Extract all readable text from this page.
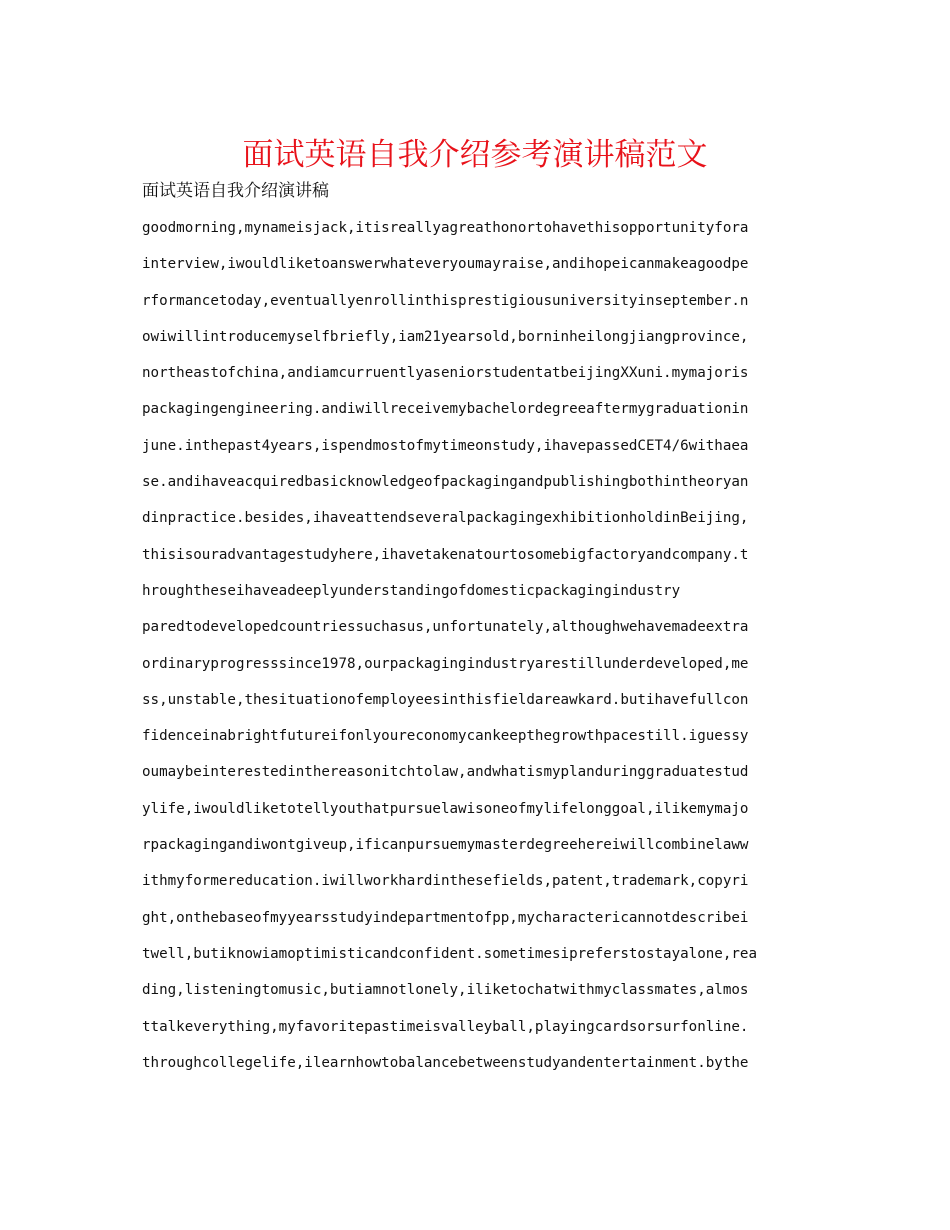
面试英语自我介绍参考演讲稿范文
面试英语自我介绍演讲稿
goodmorning,mynameisjack,itisreallyagreathonortohavethisopportunityfora
interview,iwouldliketoanswerwhateveryoumayraise,andihopeicanmakeagoodpe
rformancetoday,eventuallyenrollinthisprestigiousuniversityinseptember.n
owiwillintroducemyselfbriefly,iam21yearsold,borninheilongjiangprovince,
northeastofchina,andiamcurruentlyaseniorstudentatbeijingXXuni.mymajoris
packagingengineering.andiwillreceivemybachelordegreeaftermygraduationin
june.inthepast4years,ispendmostofmytimeonstudy,ihavepassedCET4/6withaea
se.andihaveacquiredbasicknowledgeofpackagingandpublishingbothintheoryan
dinpractice.besides,ihaveattendseveralpackagingexhibitionholdinBeijing,
thisisouradvantagestudyhere,ihavetakenatourtosomebigfactoryandcompany.t
hroughtheseihaveadeeplyunderstandingofdomesticpackagingindustry
paredtodevelopedcountriessuchasus,unfortunately,althoughwehavemadeextra
ordinaryprogresssince1978,ourpackagingindustryarestillunderdeveloped,me
ss,unstable,thesituationofemployeesinthisfieldareawkard.butihavefullcon
fidenceinabrightfutureifonlyoureconomycankeepthegrowthpacestill.iguessy
oumaybeinterestedinthereasonitchtolaw,andwhatismyplanduringgraduatestud
ylife,iwouldliketotellyouthatpursuelawisoneofmylifelonggoal,ilikemymajo
rpackagingandiwontgiveup,ificanpursuemymasterdegreehereiwillcombinelaww
ithmyformereducation.iwillworkhardinthesefields,patent,trademark,copyri
ght,onthebaseofmyyearsstudyindepartmentofpp,mycharactericannotdescribei
twell,butiknowiamoptimisticandconfident.sometimesipreferstostayalone,rea
ding,listeningtomusic,butiamnotlonely,iliketochatwithmyclassmates,almos
ttalkeverything,myfavoritepastimeisvalleyball,playingcardsorsurfonline.
throughcollegelife,ilearnhowtobalancebetweenstudyandentertainment.bythe
